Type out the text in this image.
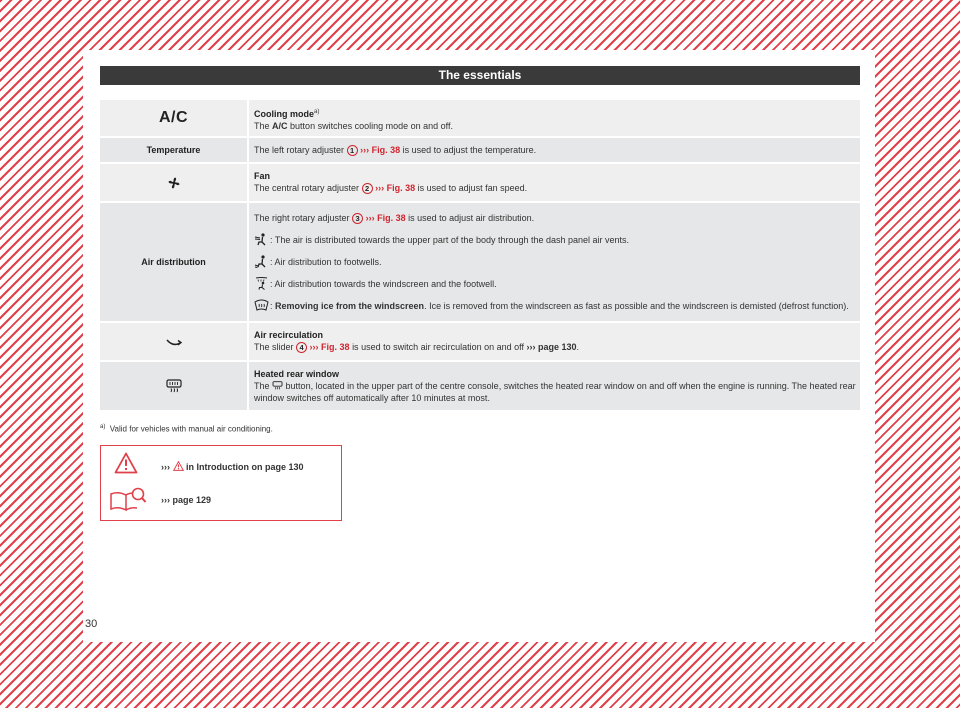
The essentials
A/C	Cooling mode$^{a)}$
The A/C button switches cooling mode on and off.
Temperature	The left rotary adjuster
1
››› Fig. 38
is used to adjust the temperature.
Fan
The central rotary adjuster
2
››› Fig. 38
is used to adjust fan speed.
Air distribution
The right rotary adjuster
3
››› Fig. 38
is used to adjust air distribution.
: The air is distributed towards the upper part of the body through the dash panel air vents.
: Air distribution to footwells.
: Air distribution towards the windscreen and the footwell.
: Removing ice from the windscreen . Ice is removed from the windscreen as fast as possible and the windscreen is demisted (defrost function).
Air recirculation
The slider
4
››› Fig. 38
is used to switch air recirculation on and off
››› page 130 .
Heated rear window
The button, located in the upper part of the centre console, switches the heated rear window on and off when the engine is running. The heated rear window switches off automatically after 10 minutes at most.
$^{a)}$ Valid for vehicles with manual air conditioning.
››› in Introduction on page 130
››› page 129
30
